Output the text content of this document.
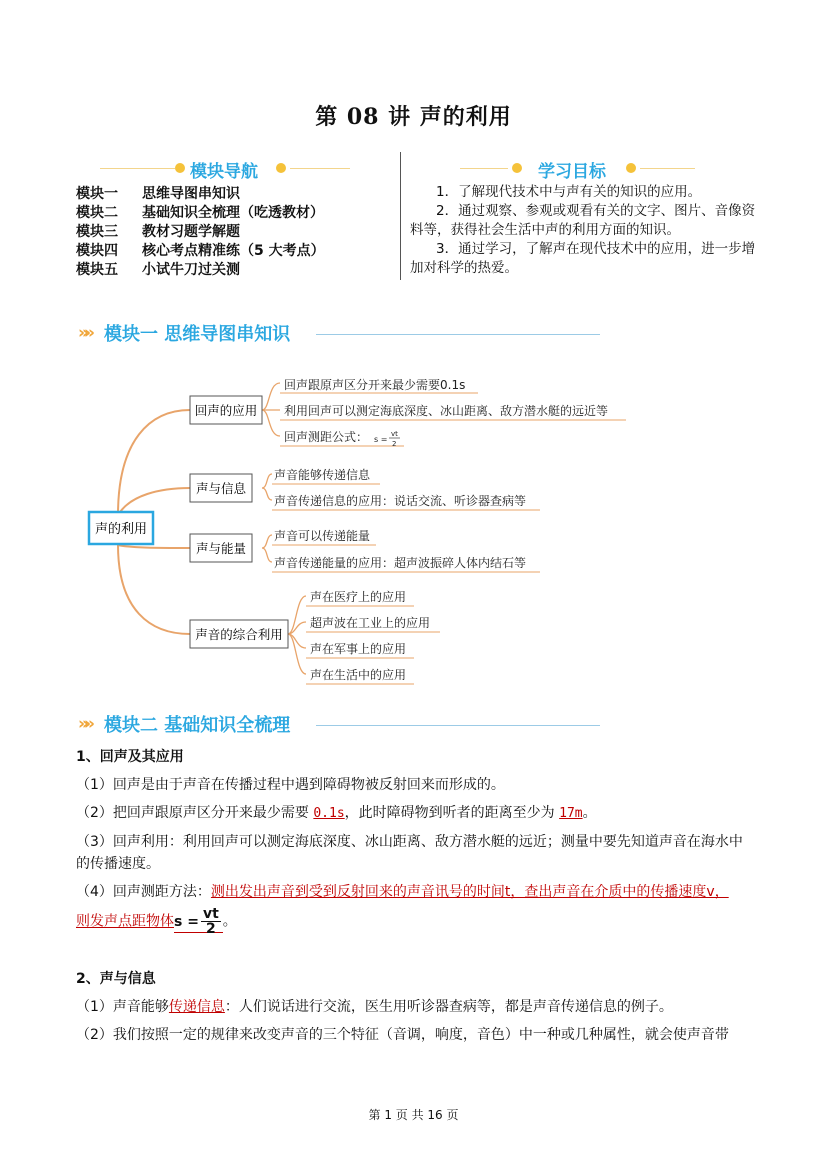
第 08 讲 声的利用
模块导航	学习目标
模块一	思维导图串知识
模块二	基础知识全梳理（吃透教材）
模块三	教材习题学解题
模块四	核心考点精准练（5 大考点）
模块五	小试牛刀过关测

1．了解现代技术中与声有关的知识的应用。

2．通过观察、参观或观看有关的文字、图片、音像资料等，获得社会生活中声的利用方面的知识。

3．通过学习，了解声在现代技术中的应用，进一步增加对科学的热爱。

»» 模块一 思维导图串知识
声的利用
回声的应用
声与信息
声与能量
声音的综合利用
回声跟原声区分开来最少需要0.1s
利用回声可以测定海底深度、冰山距离、敌方潜水艇的远近等
回声测距公式： s =
vt
2
声音能够传递信息
声音传递信息的应用：说话交流、听诊器查病等
声音可以传递能量
声音传递能量的应用：超声波振碎人体内结石等
声在医疗上的应用
超声波在工业上的应用
声在军事上的应用
声在生活中的应用
»» 模块二 基础知识全梳理
1、回声及其应用

（1）回声是由于声音在传播过程中遇到障碍物被反射回来而形成的。

（2）把回声跟原声区分开来最少需要 0.1s，此时障碍物到听者的距离至少为 17m。

（3）回声利用：利用回声可以测定海底深度、冰山距离、敌方潜水艇的远近；测量中要先知道声音在海水中的传播速度。

（4）回声测距方法：测出发出声音到受到反射回来的声音讯号的时间t，查出声音在介质中的传播速度v，

则发声点距物体$s = \frac{vt}{2}$ 。

2、声与信息

（1）声音能够传递信息：人们说话进行交流，医生用听诊器查病等，都是声音传递信息的例子。

（2）我们按照一定的规律来改变声音的三个特征（音调，响度，音色）中一种或几种属性，就会使声音带

第 1 页 共 16 页
